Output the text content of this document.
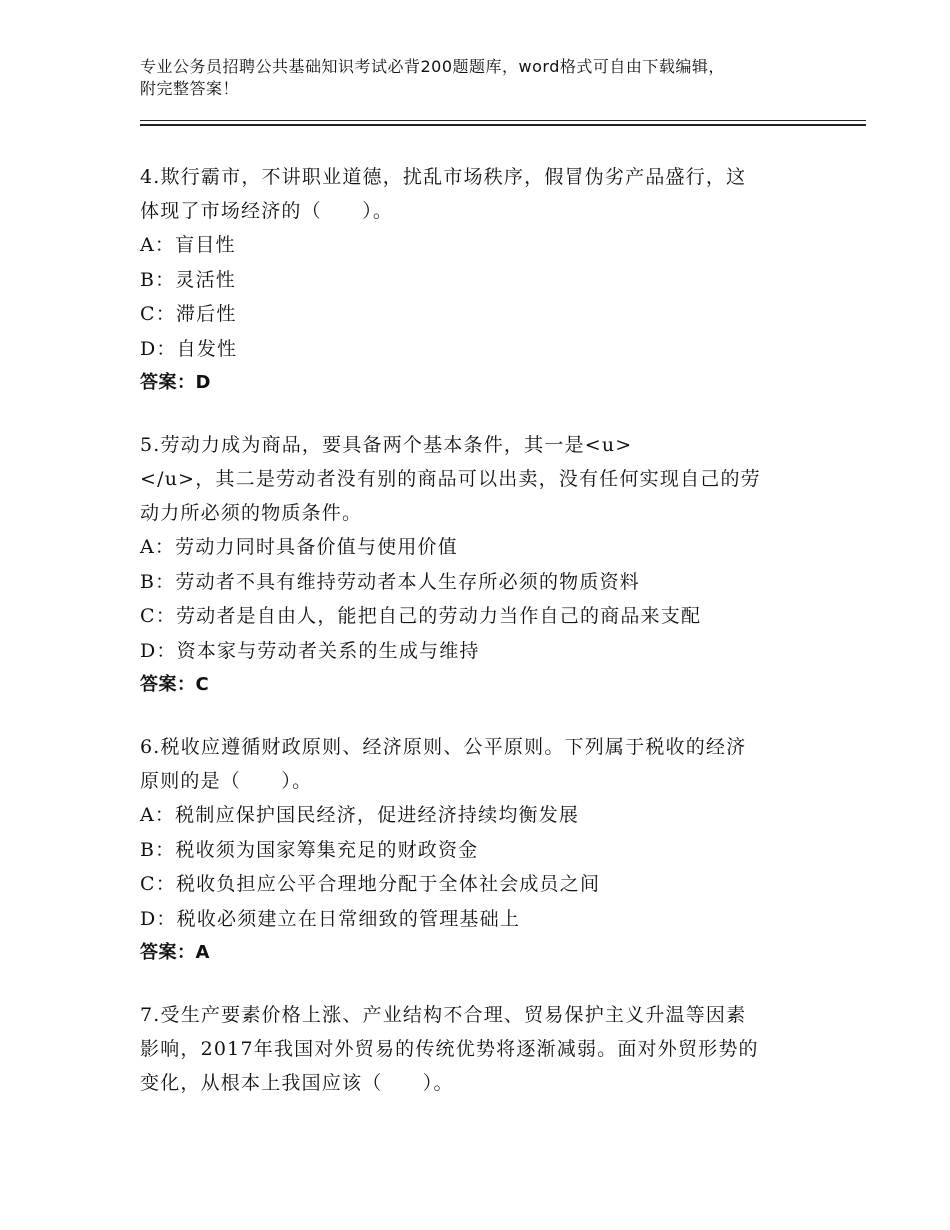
专业公务员招聘公共基础知识考试必背200题题库，word格式可自由下载编辑，
附完整答案！

4.欺行霸市，不讲职业道德，扰乱市场秩序，假冒伪劣产品盛行，这

体现了市场经济的（　　）。

A：盲目性

B：灵活性

C：滞后性

D：自发性

答案：D

5.劳动力成为商品，要具备两个基本条件，其一是<u>

</u>，其二是劳动者没有别的商品可以出卖，没有任何实现自己的劳

动力所必须的物质条件。

A：劳动力同时具备价值与使用价值

B：劳动者不具有维持劳动者本人生存所必须的物质资料

C：劳动者是自由人，能把自己的劳动力当作自己的商品来支配

D：资本家与劳动者关系的生成与维持

答案：C

6.税收应遵循财政原则、经济原则、公平原则。下列属于税收的经济

原则的是（　　）。

A：税制应保护国民经济，促进经济持续均衡发展

B：税收须为国家筹集充足的财政资金

C：税收负担应公平合理地分配于全体社会成员之间

D：税收必须建立在日常细致的管理基础上

答案：A

7.受生产要素价格上涨、产业结构不合理、贸易保护主义升温等因素

影响，2017年我国对外贸易的传统优势将逐渐减弱。面对外贸形势的

变化，从根本上我国应该（　　）。
